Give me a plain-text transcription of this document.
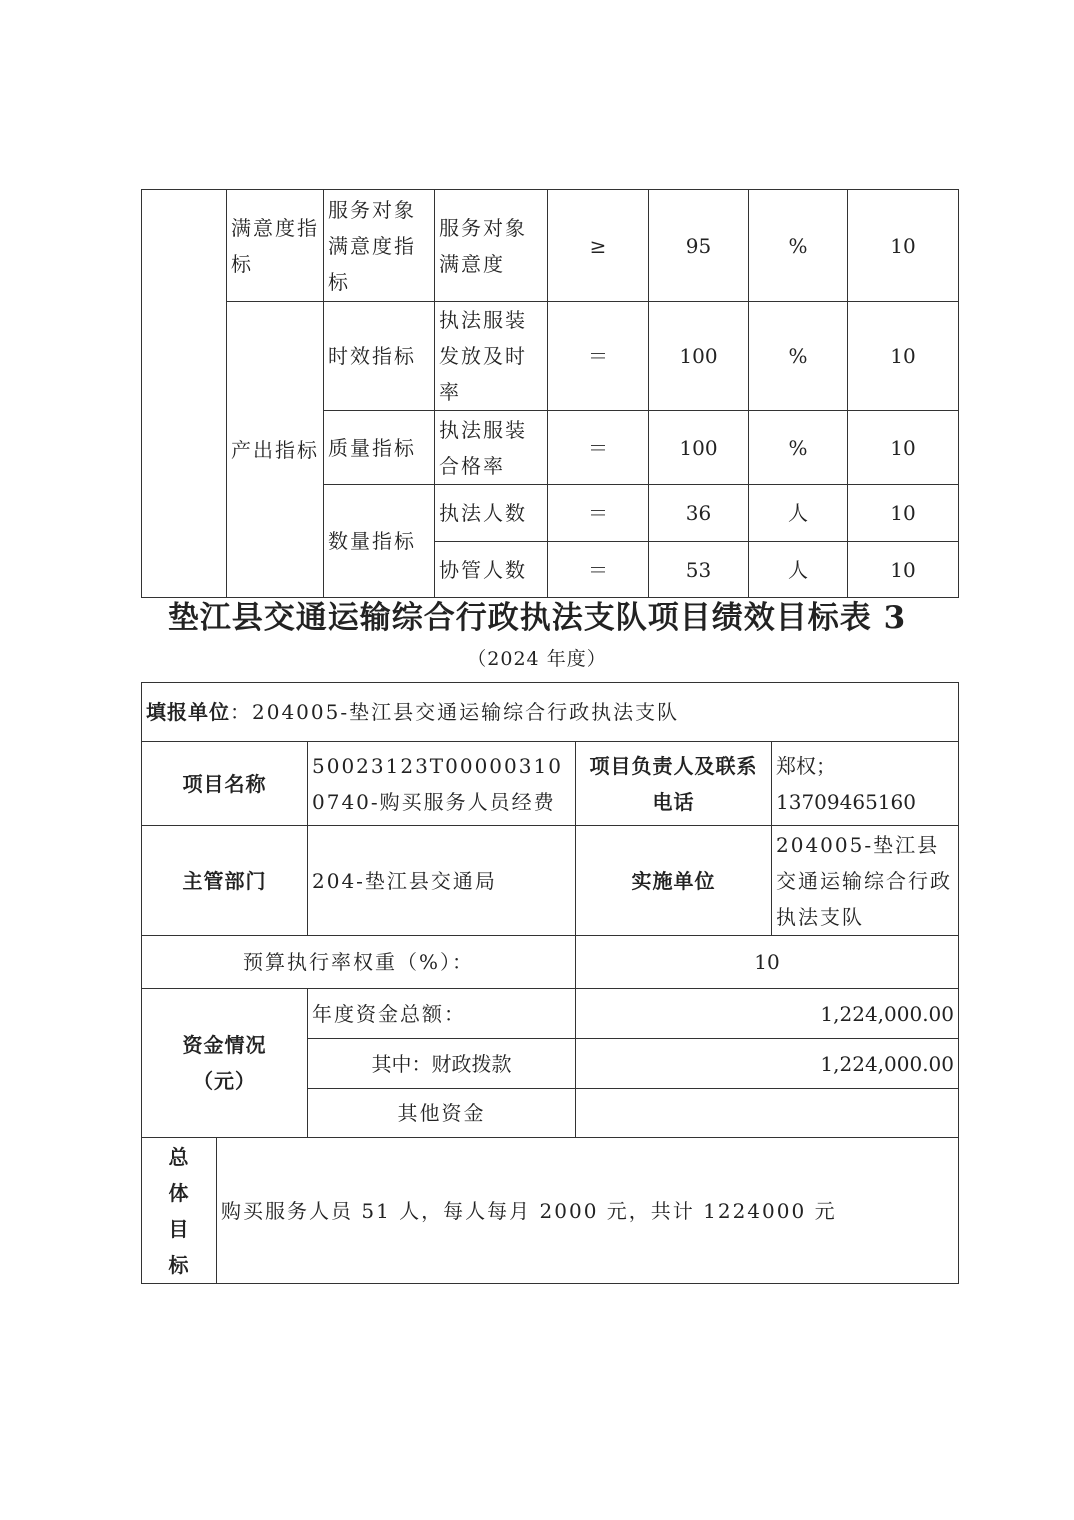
	满意度指标	服务对象满意度指标	服务对象满意度	≥	95	%	10
	产出指标	时效指标	执法服装发放及时率	＝	100	%	10
		质量指标	执法服装合格率	＝	100	%	10
		数量指标	执法人数	＝	36	人	10
			协管人数	＝	53	人	10
垫江县交通运输综合行政执法支队项目绩效目标表 3
（2024 年度）
填报单位：204005-垫江县交通运输综合行政执法支队				
项目名称		50023123T000003100740-购买服务人员经费	项目负责人及联系电话	郑权；13709465160
主管部门		204-垫江县交通局	实施单位	204005-垫江县交通运输综合行政执法支队
预算执行率权重（%）：			10	
资金情况（元）		年度资金总额：	1,224,000.00	
		其中：财政拨款	1,224,000.00	
		其他资金		
总体目标	购买服务人员 51 人，每人每月 2000 元，共计 1224000 元			
